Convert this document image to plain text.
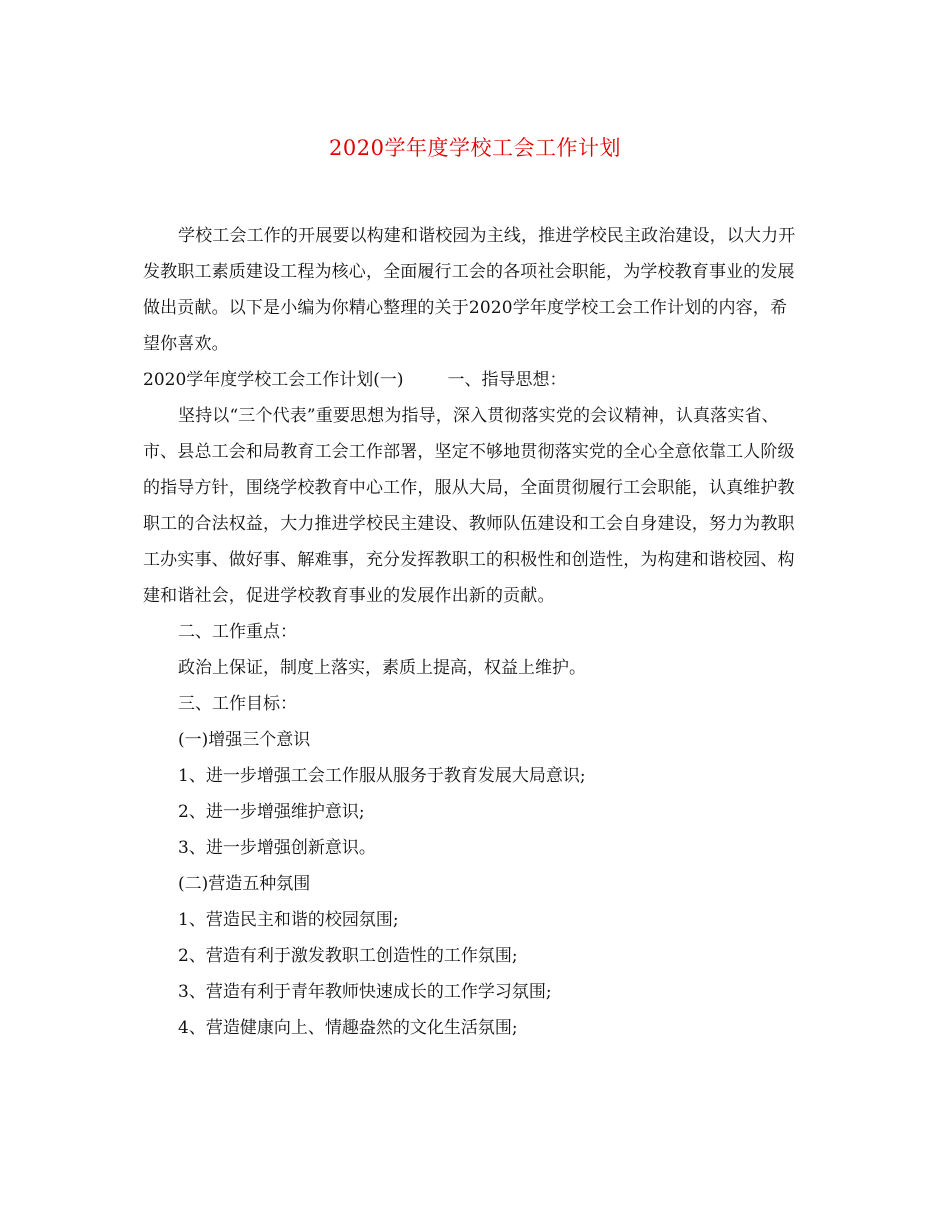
2020学年度学校工会工作计划

学校工会工作的开展要以构建和谐校园为主线，推进学校民主政治建设，以大力开发教职工素质建设工程为核心，全面履行工会的各项社会职能，为学校教育事业的发展做出贡献。以下是小编为你精心整理的关于2020学年度学校工会工作计划的内容，希望你喜欢。

2020学年度学校工会工作计划(一)	一、指导思想：

坚持以“三个代表”重要思想为指导，深入贯彻落实党的会议精神，认真落实省、市、县总工会和局教育工会工作部署，坚定不够地贯彻落实党的全心全意依靠工人阶级的指导方针，围绕学校教育中心工作，服从大局，全面贯彻履行工会职能，认真维护教职工的合法权益，大力推进学校民主建设、教师队伍建设和工会自身建设，努力为教职工办实事、做好事、解难事，充分发挥教职工的积极性和创造性，为构建和谐校园、构建和谐社会，促进学校教育事业的发展作出新的贡献。

二、工作重点：

政治上保证，制度上落实，素质上提高，权益上维护。

三、工作目标：

(一)增强三个意识

1、进一步增强工会工作服从服务于教育发展大局意识;

2、进一步增强维护意识;

3、进一步增强创新意识。

(二)营造五种氛围

1、营造民主和谐的校园氛围;

2、营造有利于激发教职工创造性的工作氛围;

3、营造有利于青年教师快速成长的工作学习氛围;

4、营造健康向上、情趣盎然的文化生活氛围;
